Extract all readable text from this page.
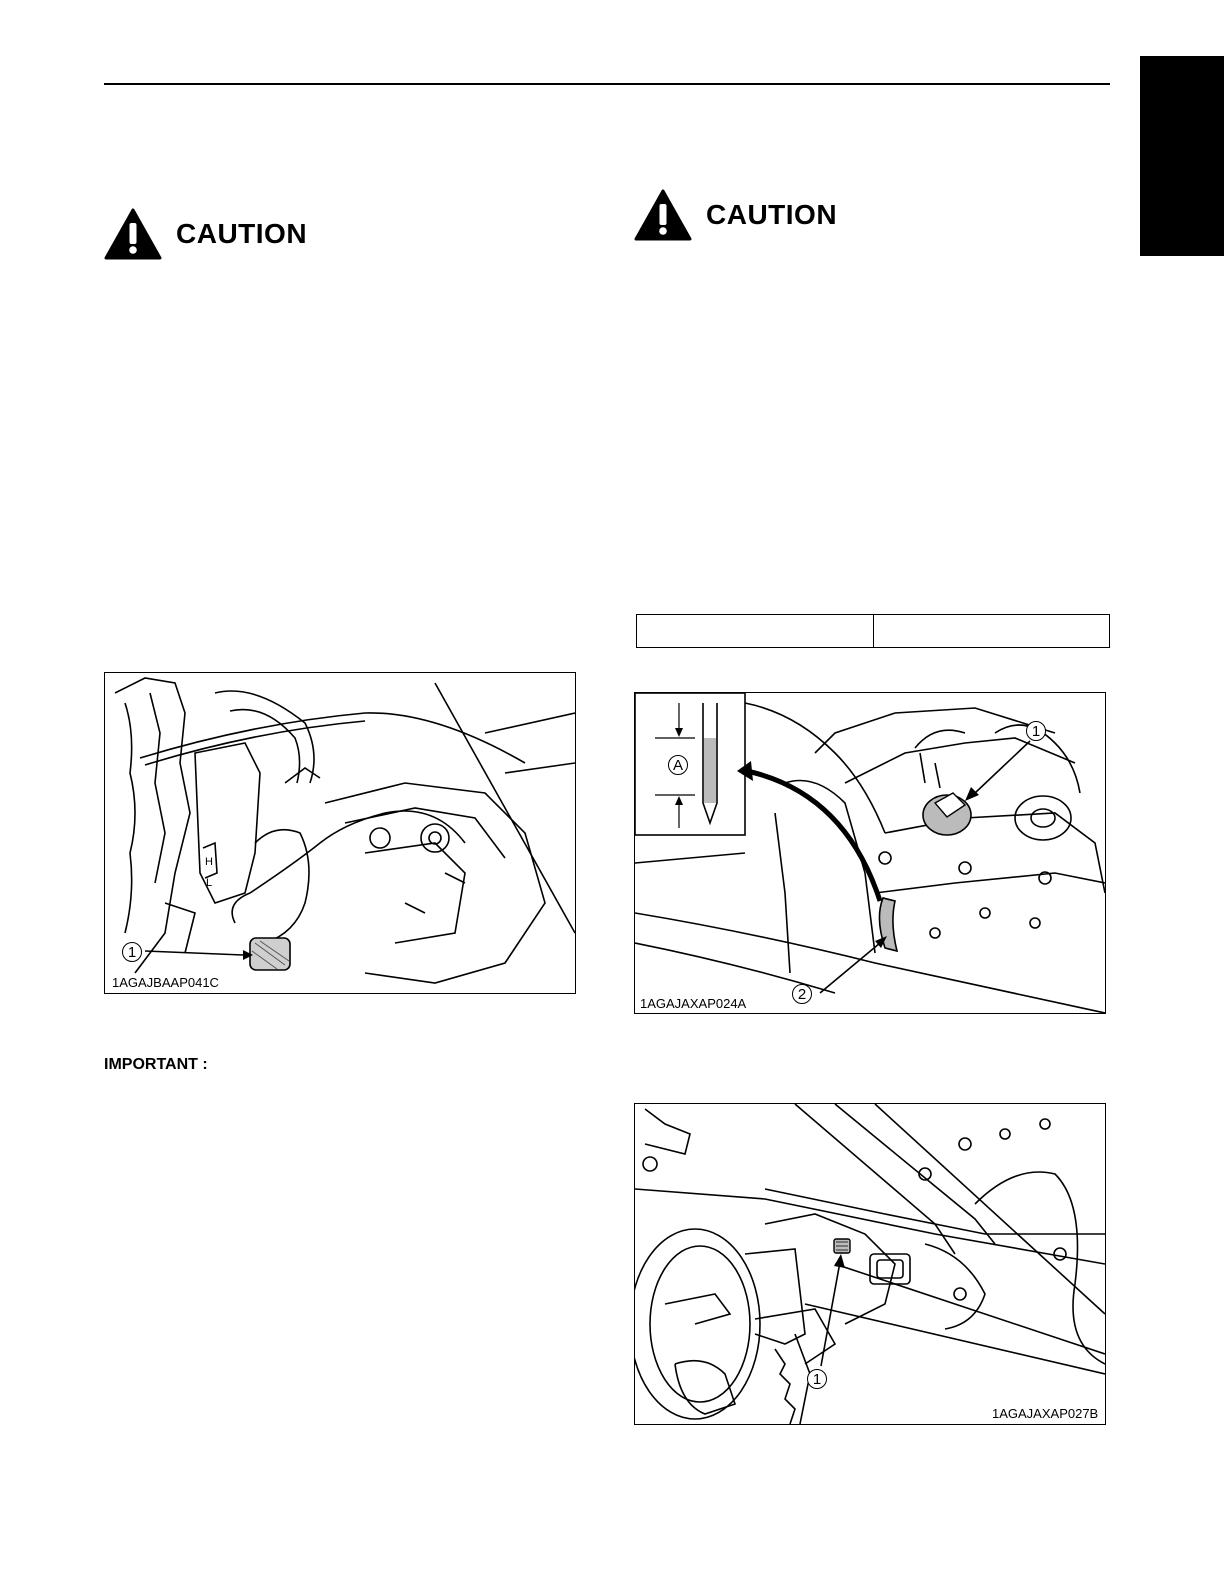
CAUTION
CAUTION
H
L
1
1AGAJBAAP041C
IMPORTANT :
A
1
2
1AGAJAXAP024A
1
1AGAJAXAP027B
